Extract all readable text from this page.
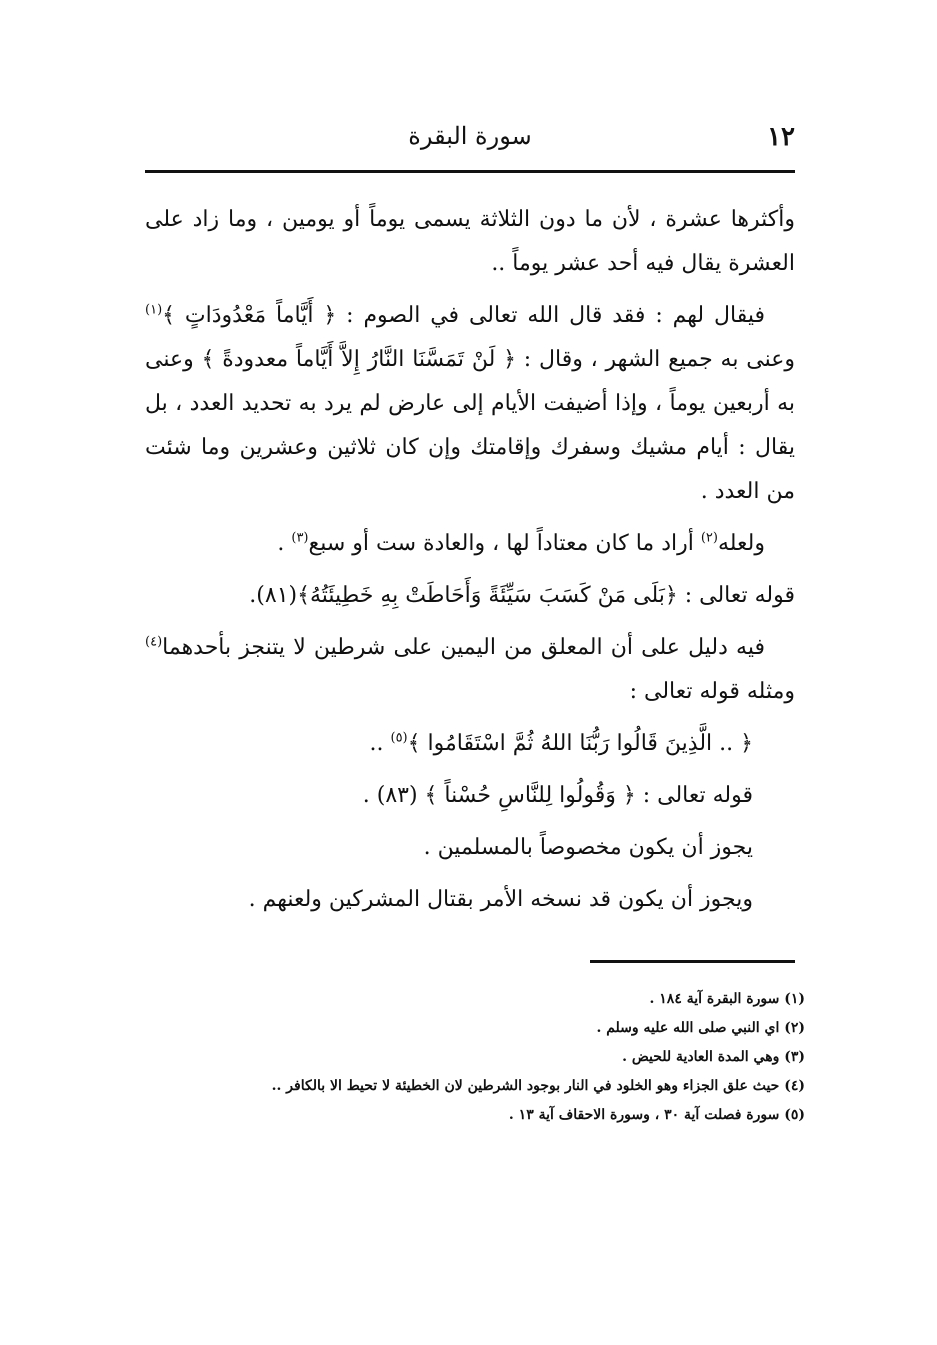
١٢
سورة البقرة

وأكثرها عشرة ، لأن ما دون الثلاثة يسمى يوماً أو يومين ، وما زاد على العشرة يقال فيه أحد عشر يوماً ..

فيقال لهم : فقد قال الله تعالى في الصوم : ﴿ أَيَّاماً مَعْدُودَاتٍ ﴾$^{(١)}$ وعنى به جميع الشهر ، وقال : ﴿ لَنْ تَمَسَّنَا النَّارُ إِلاَّ أَيَّاماً معدودةً ﴾ وعنى به أربعين يوماً ، وإذا أضيفت الأيام إلى عارض لم يرد به تحديد العدد ، بل يقال : أيام مشيك وسفرك وإقامتك وإن كان ثلاثين وعشرين وما شئت من العدد .

ولعله$^{(٢)}$ أراد ما كان معتاداً لها ، والعادة ست أو سبع$^{(٣)}$ .

قوله تعالى : ﴿بَلَى مَنْ كَسَبَ سَيِّئَةً وَأَحَاطَتْ بِهِ خَطِيئَتُهُ﴾(٨١).

فيه دليل على أن المعلق من اليمين على شرطين لا يتنجز بأحدهما$^{(٤)}$ ومثله قوله تعالى :

﴿ .. الَّذِينَ قَالُوا رَبُّنَا اللهُ ثُمَّ اسْتَقَامُوا ﴾$^{(٥)}$ ..

قوله تعالى : ﴿ وَقُولُوا لِلنَّاسِ حُسْناً ﴾ (٨٣) .

يجوز أن يكون مخصوصاً بالمسلمين .

ويجوز أن يكون قد نسخه الأمر بقتال المشركين ولعنهم .

(١) سورة البقرة آية ١٨٤ .
(٢) اي النبي صلى الله عليه وسلم .
(٣) وهي المدة العادية للحيض .
(٤) حيث علق الجزاء وهو الخلود في النار بوجود الشرطين لان الخطيئة لا تحيط الا بالكافر ..
(٥) سورة فصلت آية ٣٠ ، وسورة الاحقاف آية ١٣ .
